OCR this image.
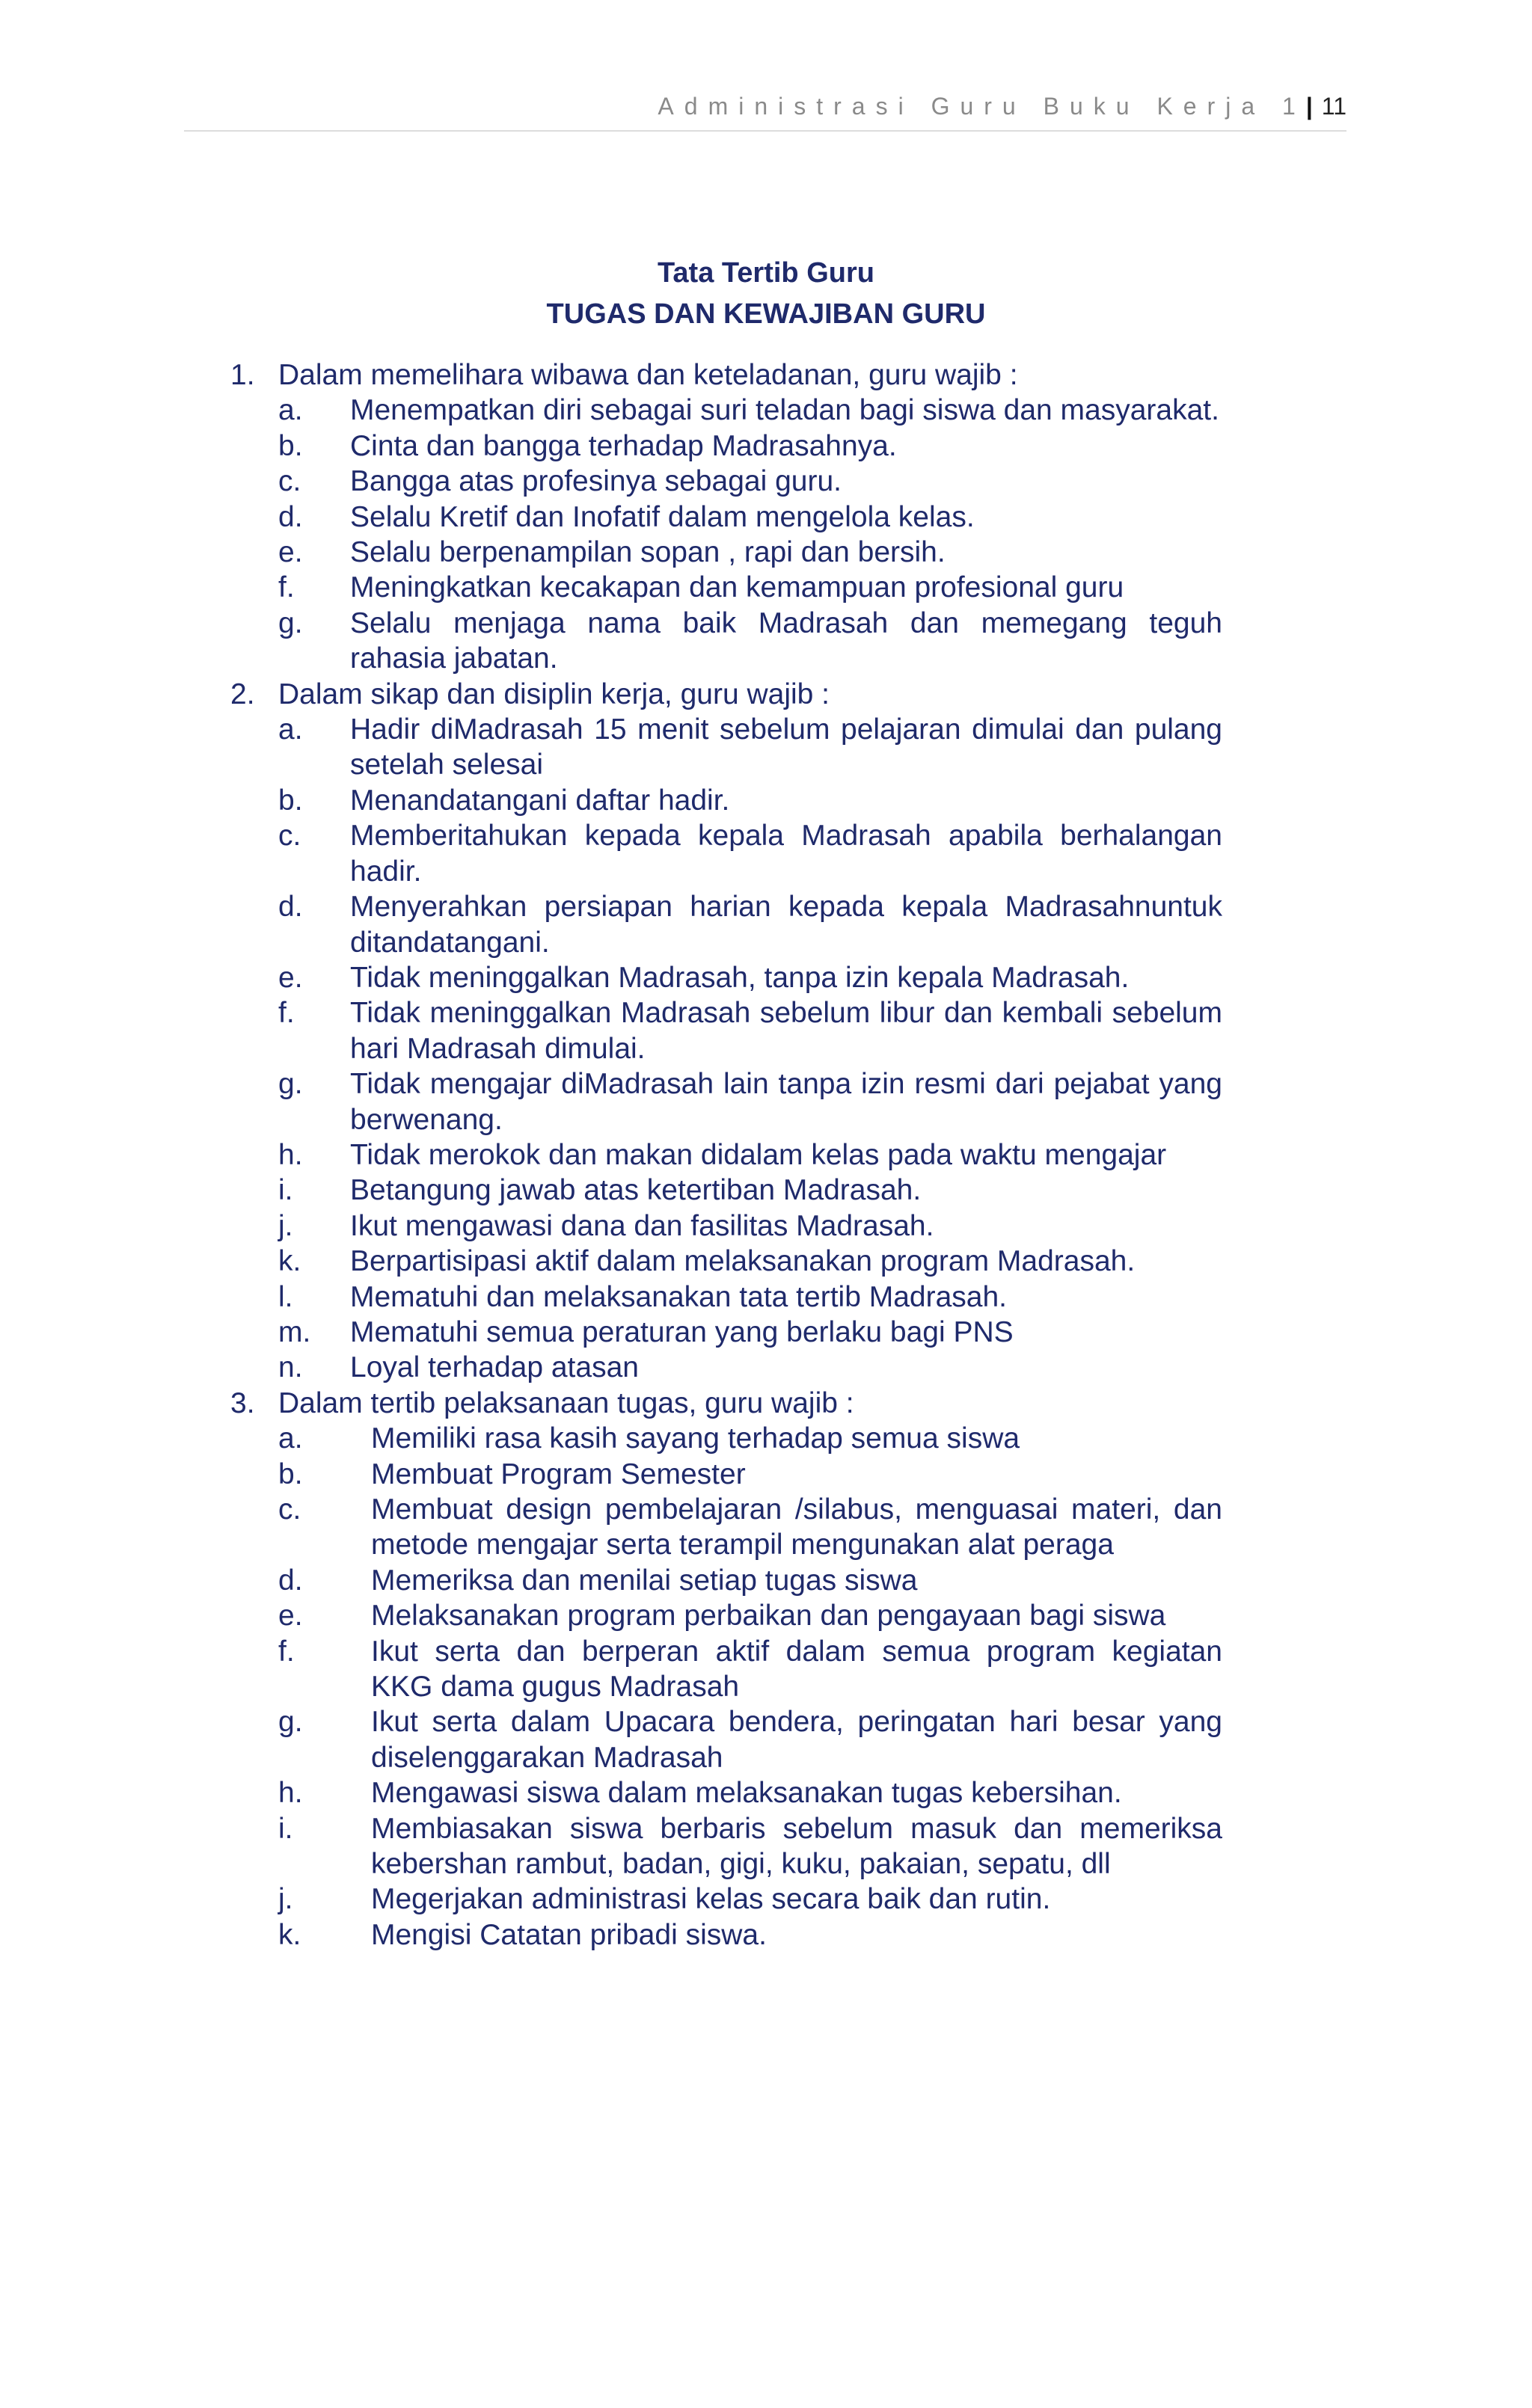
Administrasi Guru Buku Kerja 1| 11
Tata Tertib Guru
TUGAS DAN KEWAJIBAN GURU
1. Dalam memelihara wibawa dan keteladanan, guru wajib :
a. Menempatkan diri sebagai suri teladan bagi siswa dan masyarakat.
b. Cinta dan bangga terhadap Madrasahnya.
c. Bangga atas profesinya sebagai guru.
d. Selalu Kretif dan Inofatif dalam mengelola kelas.
e. Selalu berpenampilan sopan , rapi dan bersih.
f. Meningkatkan kecakapan dan kemampuan profesional guru
g. Selalu menjaga nama baik Madrasah dan memegang teguh rahasia jabatan.
2. Dalam sikap dan disiplin kerja, guru wajib :
a. Hadir diMadrasah 15 menit sebelum pelajaran dimulai dan pulang setelah selesai
b. Menandatangani daftar hadir.
c. Memberitahukan kepada kepala Madrasah apabila berhalangan hadir.
d. Menyerahkan persiapan harian kepada kepala Madrasahnuntuk ditandatangani.
e. Tidak meninggalkan Madrasah, tanpa izin kepala Madrasah.
f. Tidak meninggalkan Madrasah sebelum libur dan kembali sebelum hari Madrasah dimulai.
g. Tidak mengajar diMadrasah lain tanpa izin resmi dari pejabat yang berwenang.
h. Tidak merokok dan makan didalam kelas pada waktu mengajar
i. Betangung jawab atas ketertiban Madrasah.
j. Ikut mengawasi dana dan fasilitas Madrasah.
k. Berpartisipasi aktif dalam melaksanakan program Madrasah.
l. Mematuhi dan melaksanakan tata tertib Madrasah.
m. Mematuhi semua peraturan yang berlaku bagi PNS
n. Loyal terhadap atasan
3. Dalam tertib pelaksanaan tugas, guru wajib :
a. Memiliki rasa kasih sayang terhadap semua siswa
b. Membuat Program Semester
c. Membuat design pembelajaran /silabus, menguasai materi, dan metode mengajar serta terampil mengunakan alat peraga
d. Memeriksa dan menilai setiap tugas siswa
e. Melaksanakan program perbaikan dan pengayaan bagi siswa
f.	Ikut serta dan berperan aktif dalam semua program kegiatan KKG dama gugus Madrasah
g. Ikut serta dalam Upacara bendera, peringatan hari besar yang diselenggarakan Madrasah
h. Mengawasi siswa dalam melaksanakan tugas kebersihan.
i.	Membiasakan siswa berbaris sebelum masuk dan memeriksa kebershan rambut, badan, gigi, kuku, pakaian, sepatu, dll
j.	Megerjakan administrasi kelas secara baik dan rutin.
k. Mengisi Catatan pribadi siswa.
